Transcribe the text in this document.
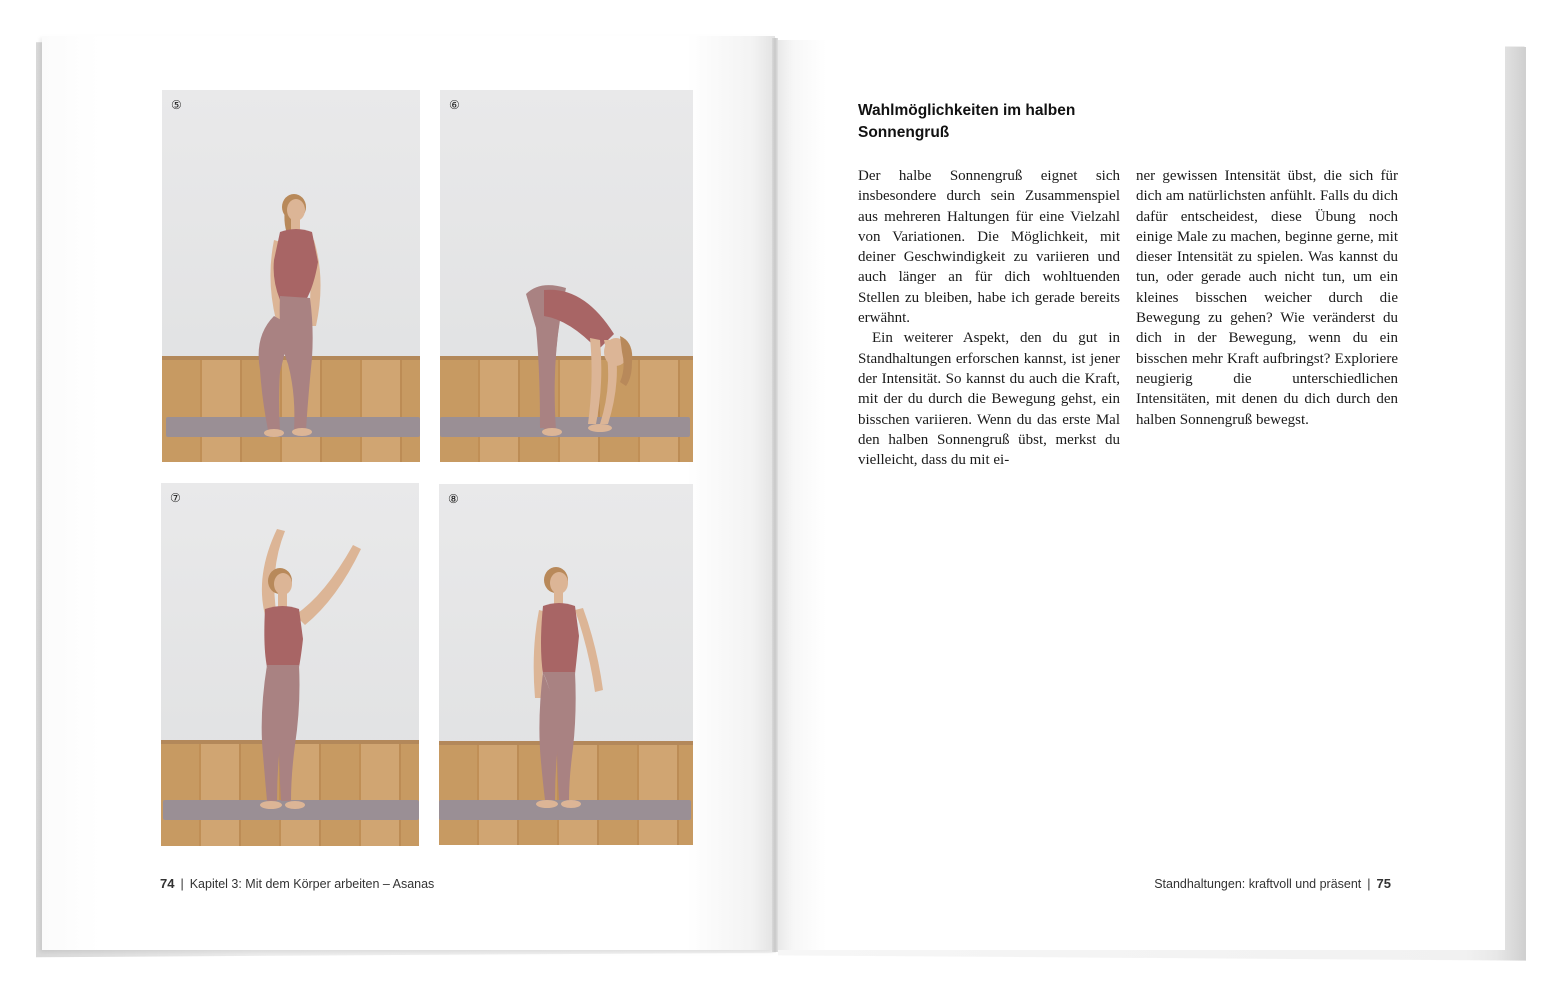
⑤	⑥
⑦	⑧
74 | Kapitel 3: Mit dem Körper arbeiten – Asanas
Wahlmöglichkeiten im halben Sonnengruß

Der halbe Sonnengruß eignet sich insbesondere durch sein Zusammenspiel aus mehreren Haltungen für eine Vielzahl von Variationen. Die Möglichkeit, mit deiner Geschwindigkeit zu variieren und auch länger an für dich wohltuenden Stellen zu bleiben, habe ich gerade bereits erwähnt.

Ein weiterer Aspekt, den du gut in Standhaltungen erforschen kannst, ist jener der Intensität. So kannst du auch die Kraft, mit der du durch die Bewegung gehst, ein bisschen variieren. Wenn du das erste Mal den halben Sonnengruß übst, merkst du vielleicht, dass du mit ei-

ner gewissen Intensität übst, die sich für dich am natürlichsten anfühlt. Falls du dich dafür entscheidest, diese Übung noch einige Male zu machen, beginne gerne, mit dieser Intensität zu spielen. Was kannst du tun, oder gerade auch nicht tun, um ein kleines bisschen weicher durch die Bewegung zu gehen? Wie veränderst du dich in der Bewegung, wenn du ein bisschen mehr Kraft aufbringst? Exploriere neugierig die unterschiedlichen Intensitäten, mit denen du dich durch den halben Sonnengruß bewegst.

Standhaltungen: kraftvoll und präsent | 75
